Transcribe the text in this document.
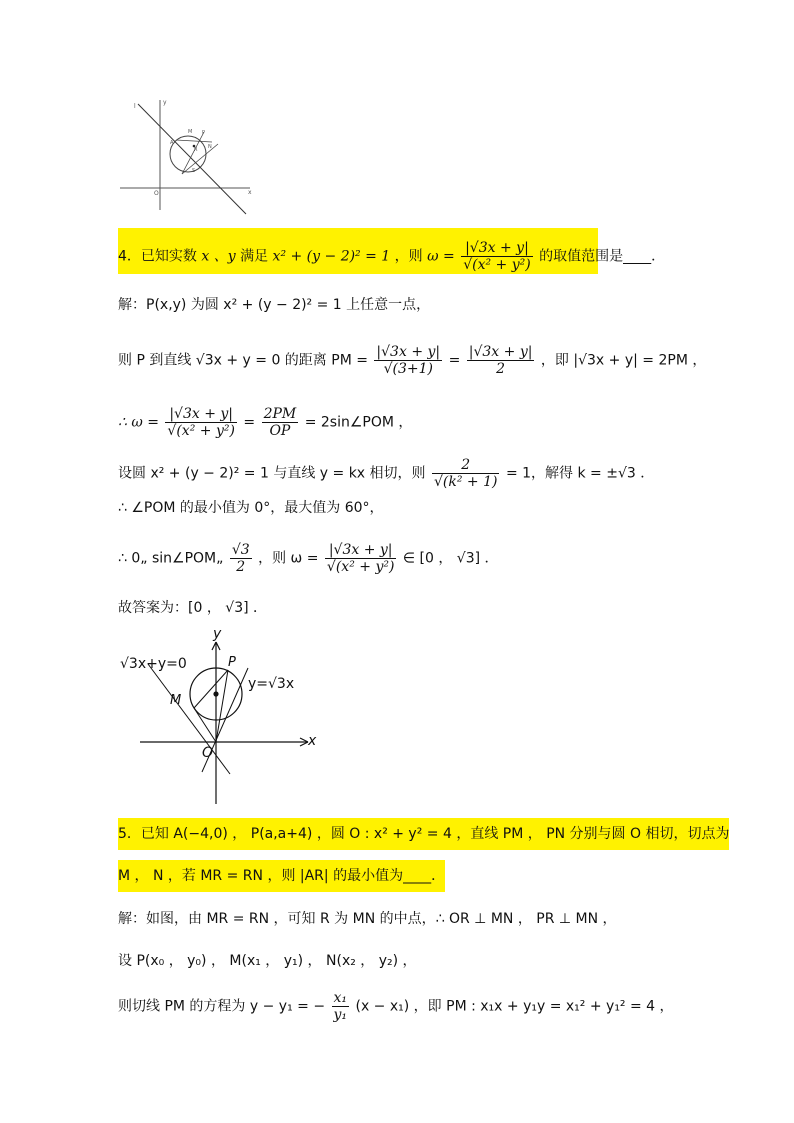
l
y
O	x
M P
R N
A
S
4．已知实数 x 、y 满足 x² + (y − 2)² = 1 ，则 $\omega = \frac{|√3x + y|}{\text{√(x² + y²)}}$ 的取值范围是____．
解：P(x,y) 为圆 x² + (y − 2)² = 1 上任意一点，
则 P 到直线 √3x + y = 0 的距离 PM = $\frac{|√3x + y|}{√(3+1)} = \frac{|√3x + y|}{2}$ ，即 |√3x + y| = 2PM ，
∴ $\omega = \frac{|√3x + y|}{\text{√(x² + y²)}} = \frac{2PM}{OP}$ = 2sin∠POM ，
设圆 x² + (y − 2)² = 1 与直线 y = kx 相切，则 $\frac{2}{\text{√(k² + 1)}} = 1$，解得 k = ±√3 ．
∴ ∠POM 的最小值为 0°，最大值为 60°，
∴ 0„ sin∠POM„ $\frac{√3}{2}$ ，则 $\omega = \frac{|√3x + y|}{\text{√(x² + y²)}}$ ∈ [0 ， √3] ．
故答案为：[0 ， √3] ．
√3x+y=0
y=√3x
y
x
O
M
P
5．已知 A(−4,0) ， P(a,a+4) ，圆 O : x² + y² = 4 ，直线 PM ， PN 分别与圆 O 相切，切点为
M ， N ，若 MR = RN ，则 |AR| 的最小值为____．
解：如图，由 MR = RN ，可知 R 为 MN 的中点，∴ OR ⊥ MN ， PR ⊥ MN ，
设 P(x₀ ， y₀) ， M(x₁ ， y₁) ， N(x₂ ， y₂) ，
则切线 PM 的方程为 y − y₁ = − $\frac{\text{x₁}}{\text{y₁}} (x - x_1)$ ，即 PM : x₁x + y₁y = x₁² + y₁² = 4 ，
